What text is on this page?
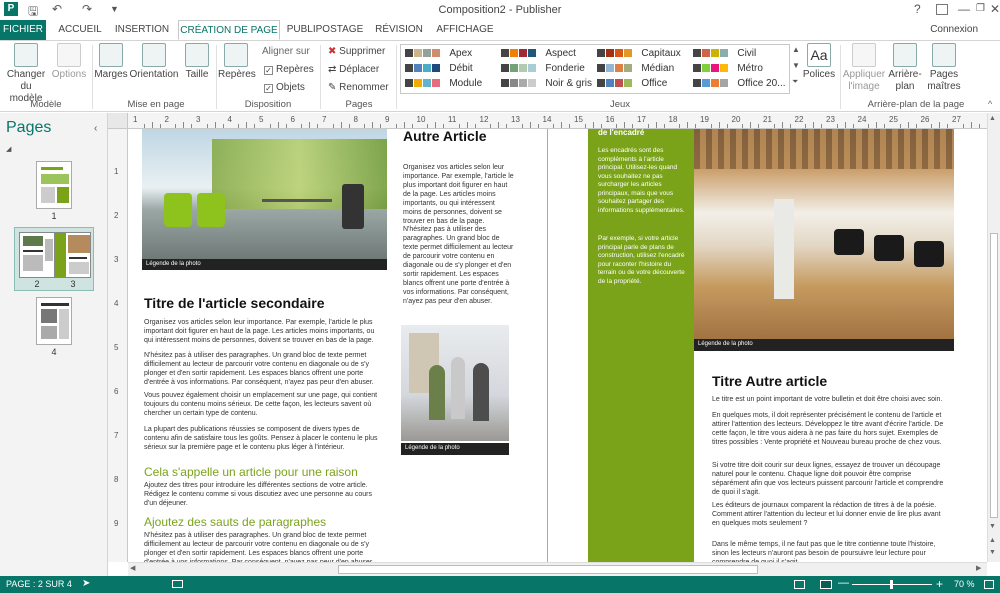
P	🖫 ↶ ↷ ▼	Composition2 - Publisher	?	— ❐ ✕
FICHIER	ACCUEIL	INSERTION CRÉATION DE PAGE PUBLIPOSTAGE	RÉVISION	AFFICHAGE	Connexion
Changer du modèle
Options
Modèle
Marges Orientation Taille
Mise en page
Repères
Aligner sur
✓ Repères
✓ Objets
Disposition
✖ Supprimer
⇄ Déplacer
✎ Renommer
Pages
Apex	Aspect	Capitaux	Civil
Débit	Fonderie	Médian	Métro
Module	Noir & gris	Office	Office 20...
▲
▼
⏷
Aa
Polices
Jeux
Appliquer l'image
Arrière-plan
Pages maîtres
Arrière-plan de la page	^
Pages	‹
◢
1
2	3
4
1	2	3	4	5	6	7	8	9	10	11	12	13	14	15	16	17	18	19	20	21	22	23	24	25	26	27
1
2
3
4
5
6
7
8
9
Légende de la photo
Autre Article
Organisez vos articles selon leur importance. Par exemple, l'article le plus important doit figurer en haut de la page. Les articles moins importants, ou qui intéressent moins de personnes, doivent se trouver en bas de la page.
N'hésitez pas à utiliser des paragraphes. Un grand bloc de texte permet difficilement au lecteur de parcourir votre contenu en diagonale ou de s'y plonger et d'en sortir rapidement. Les espaces blancs offrent une porte d'entrée à vos informations. Par conséquent, n'ayez pas peur d'en abuser.
Titre de l'article secondaire
Organisez vos articles selon leur importance. Par exemple, l'article le plus important doit figurer en haut de la page. Les articles moins importants, ou qui intéressent moins de personnes, doivent se trouver en bas de la page.
N'hésitez pas à utiliser des paragraphes. Un grand bloc de texte permet difficilement au lecteur de parcourir votre contenu en diagonale ou de s'y plonger et d'en sortir rapidement. Les espaces blancs offrent une porte d'entrée à vos informations. Par conséquent, n'ayez pas peur d'en abuser.
Vous pouvez également choisir un emplacement sur une page, qui contient toujours du contenu moins sérieux. De cette façon, les lecteurs savent où chercher un certain type de contenu.
La plupart des publications réussies se composent de divers types de contenu afin de satisfaire tous les goûts. Pensez à placer le contenu le plus sérieux sur la première page et le contenu plus léger à l'intérieur.
Cela s'appelle un article pour une raison
Ajoutez des titres pour introduire les différentes sections de votre article. Rédigez le contenu comme si vous discutiez avec une personne au cours d'un déjeuner.
Ajoutez des sauts de paragraphes
N'hésitez pas à utiliser des paragraphes. Un grand bloc de texte permet difficilement au lecteur de parcourir votre contenu en diagonale ou de s'y plonger et d'en sortir rapidement. Les espaces blancs offrent une porte
Légende de la photo
de l'encadré
Les encadrés sont des compléments à l'article principal. Utilisez-les quand vous souhaitez ne pas surcharger les articles principaux, mais que vous souhaitez partager des informations supplémentaires.
Par exemple, si votre article principal parle de plans de construction, utilisez l'encadré pour raconter l'histoire du terrain ou de votre découverte de la propriété.
Légende de la photo
Titre Autre article
Le titre est un point important de votre bulletin et doit être choisi avec soin.
En quelques mots, il doit représenter précisément le contenu de l'article et attirer l'attention des lecteurs. Développez le titre avant d'écrire l'article. De cette façon, le titre vous aidera à ne pas faire du hors sujet. Exemples de titres possibles : Vente propriété et Nouveau bureau proche de chez vous.
Si votre titre doit courir sur deux lignes, essayez de trouver un découpage naturel pour le contenu. Chaque ligne doit pouvoir être comprise séparément afin que vos lecteurs puissent parcourir l'article et comprendre de quoi il s'agit.
Les éditeurs de journaux comparent la rédaction de titres à de la poésie. Comment attirer l'attention du lecteur et lui donner envie de lire plus avant en quelques mots seulement ?
Dans le même temps, il ne faut pas que le titre contienne toute l'histoire, sinon les lecteurs n'auront pas besoin de poursuivre leur lecture pour
▲
▼
▲
▼
◀	▶
PAGE : 2 SUR 4 ➤	—	+ 70 %
